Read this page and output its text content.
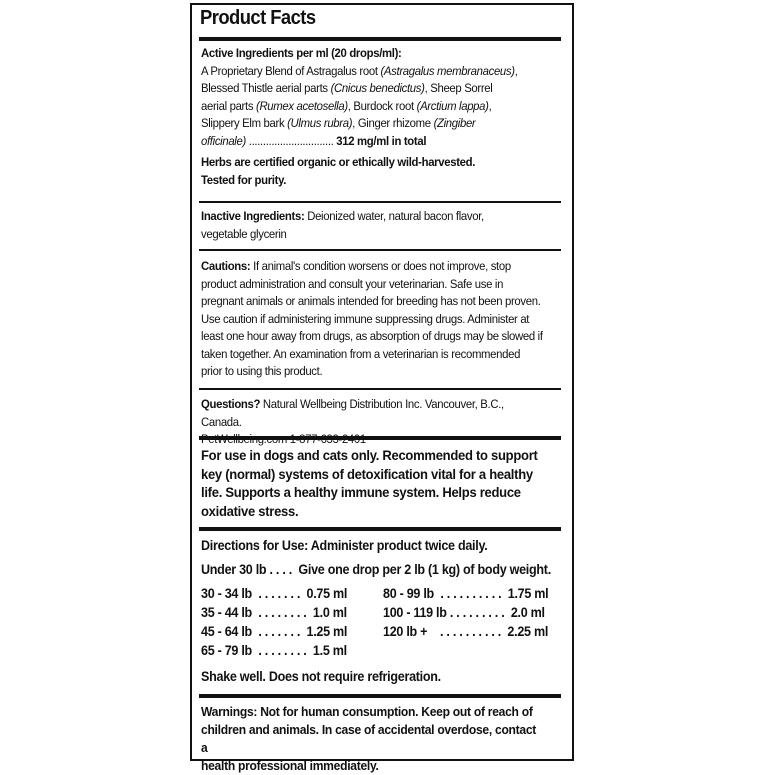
Product Facts
Active Ingredients per ml (20 drops/ml):
A Proprietary Blend of Astragalus root (Astragalus membranaceus),
Blessed Thistle aerial parts (Cnicus benedictus), Sheep Sorrel
aerial parts (Rumex acetosella), Burdock root (Arctium lappa),
Slippery Elm bark (Ulmus rubra), Ginger rhizome (Zingiber
officinale) .............................. 312 mg/ml in total
Herbs are certified organic or ethically wild-harvested.
Tested for purity.
Inactive Ingredients: Deionized water, natural bacon flavor,
vegetable glycerin
Cautions: If animal's condition worsens or does not improve, stop
product administration and consult your veterinarian. Safe use in
pregnant animals or animals intended for breeding has not been proven.
Use caution if administering immune suppressing drugs. Administer at
least one hour away from drugs, as absorption of drugs may be slowed if
taken together. An examination from a veterinarian is recommended
prior to using this product.
Questions? Natural Wellbeing Distribution Inc. Vancouver, B.C., Canada.
For use in dogs and cats only. Recommended to support
key (normal) systems of detoxification vital for a healthy
life. Supports a healthy immune system. Helps reduce
oxidative stress.
Directions for Use: Administer product twice daily.
Under 30 lb . . . .  Give one drop per 2 lb (1 kg) of body weight.
30 - 34 lb  . . . . . . .  0.75 ml
35 - 44 lb  . . . . . . . .  1.0 ml
45 - 64 lb  . . . . . . .  1.25 ml
65 - 79 lb  . . . . . . . .  1.5 ml
80 - 99 lb  . . . . . . . . . .  1.75 ml
100 - 119 lb . . . . . . . . .  2.0 ml
120 lb +    . . . . . . . . . .  2.25 ml
Shake well. Does not require refrigeration.
Warnings: Not for human consumption. Keep out of reach of
children and animals. In case of accidental overdose, contact a
health professional immediately.
